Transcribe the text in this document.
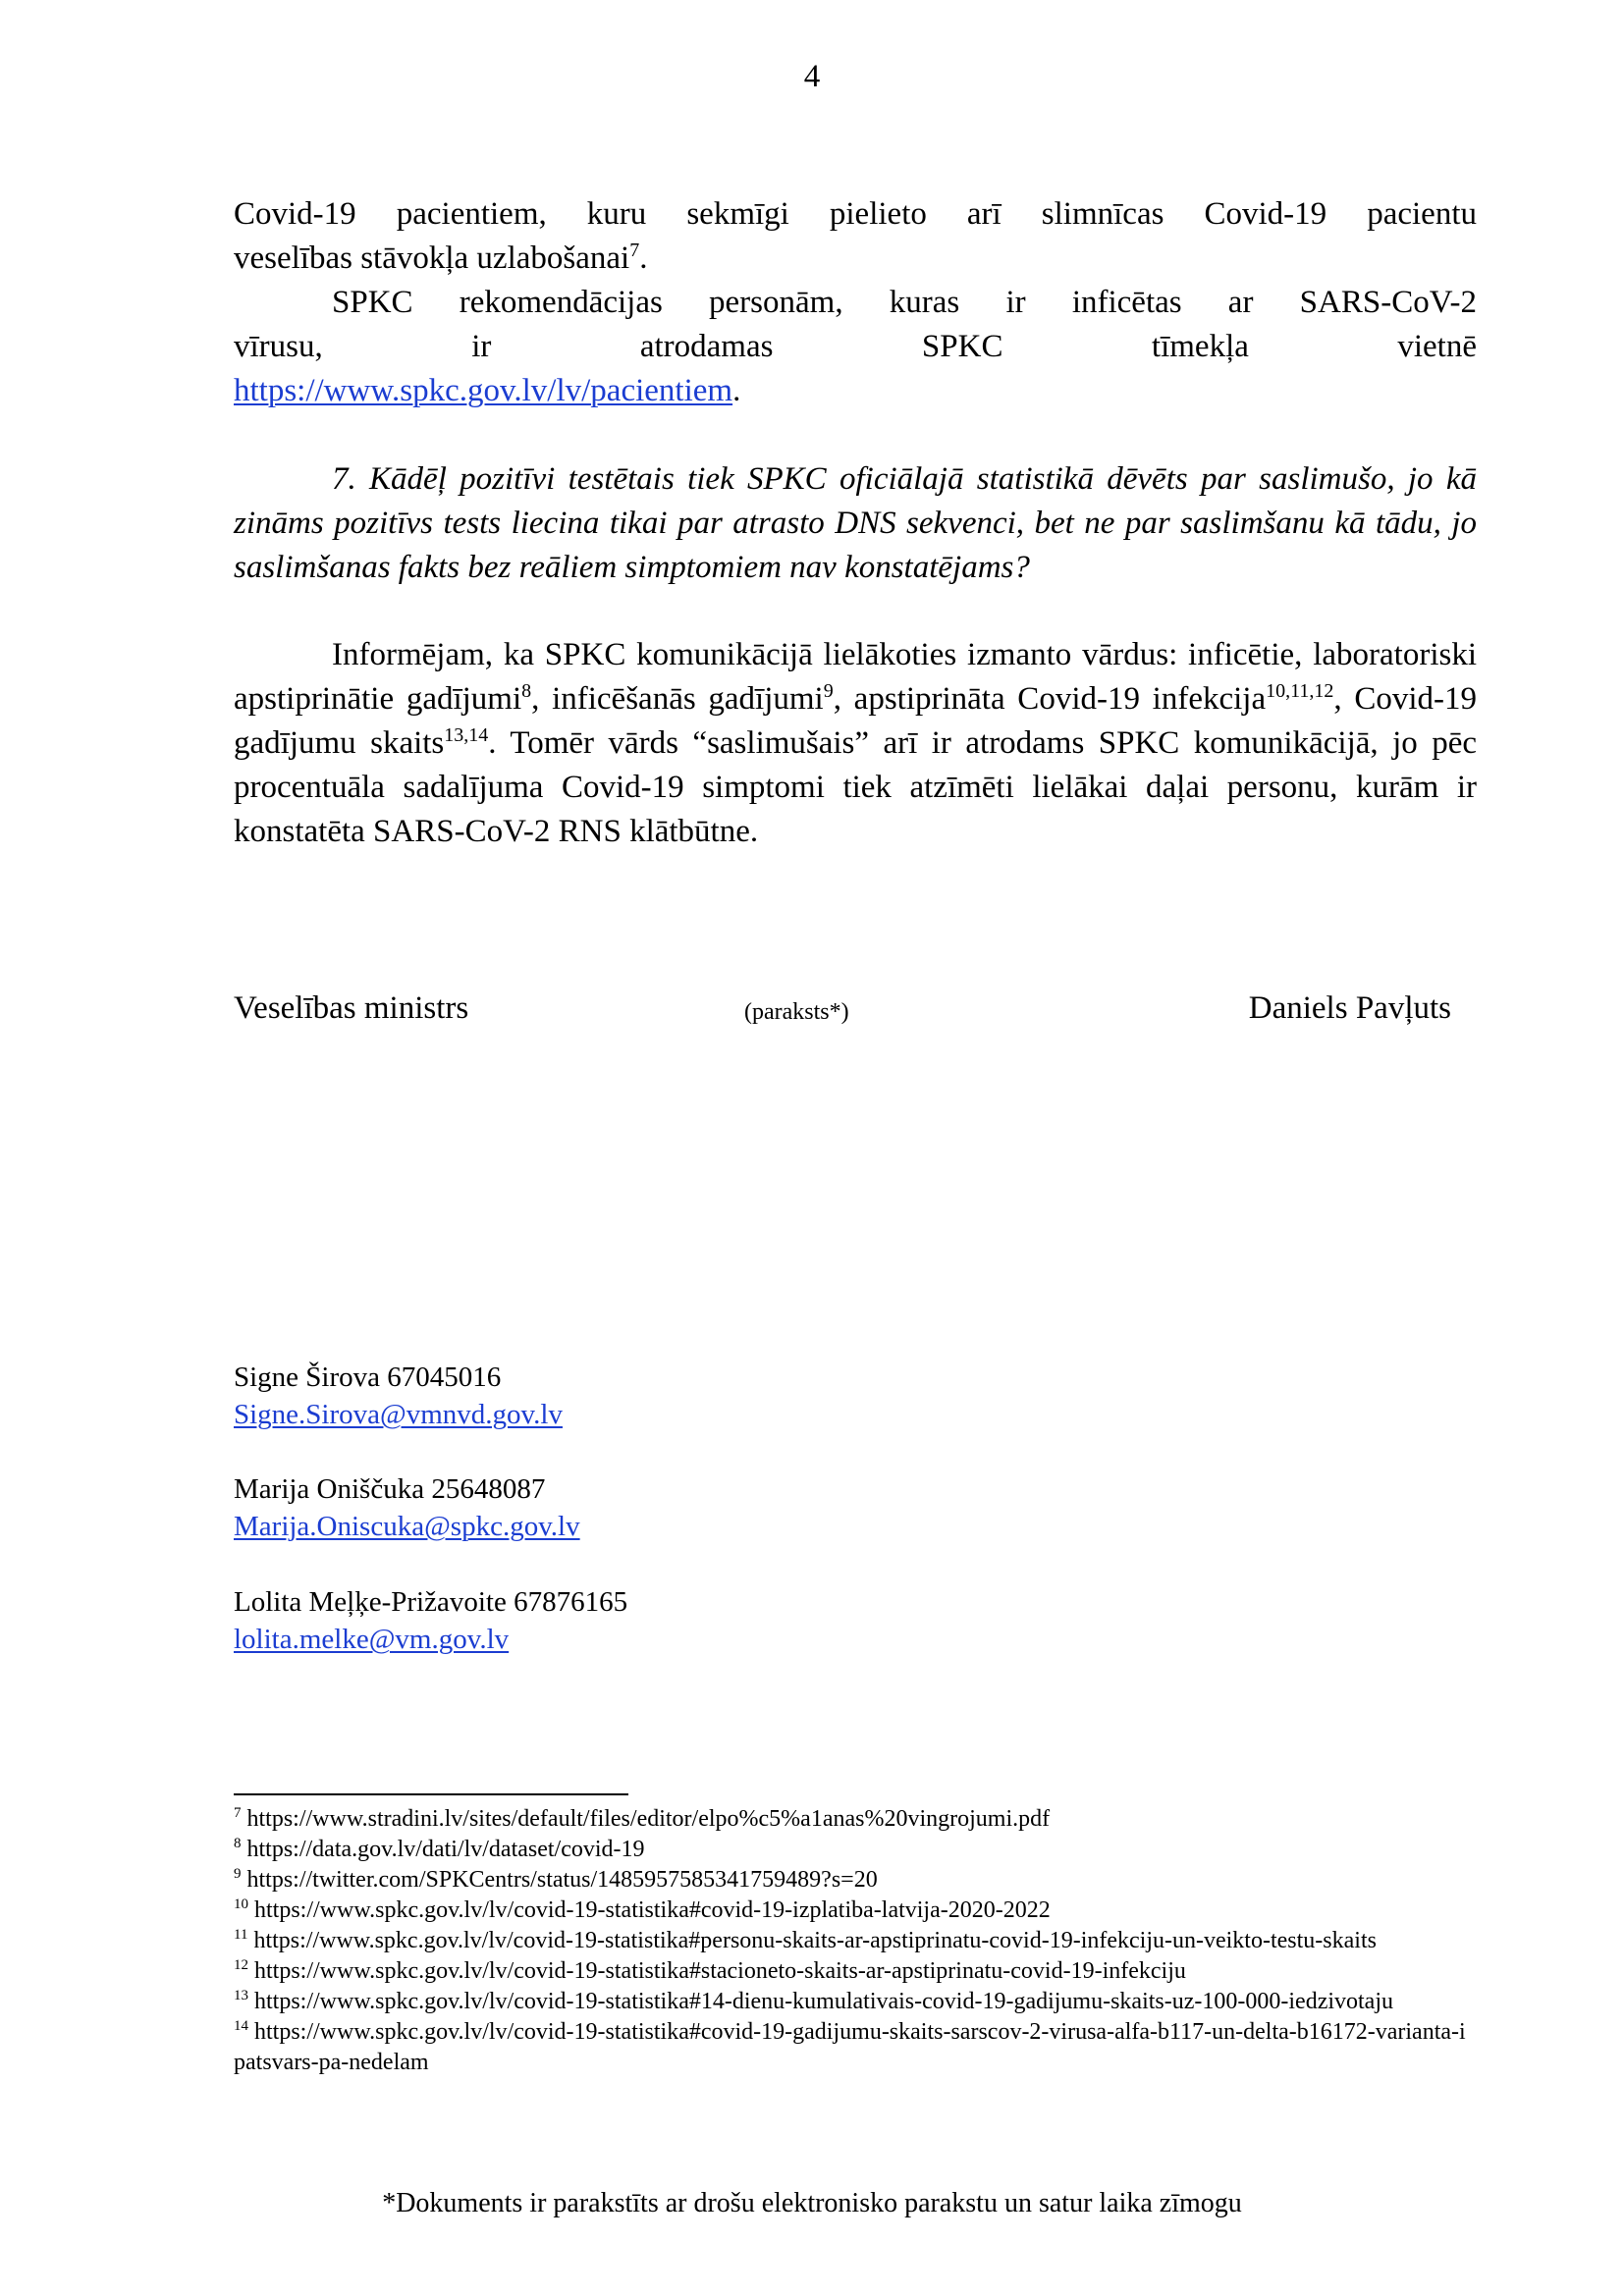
4

Covid-19 pacientiem, kuru sekmīgi pielieto arī slimnīcas Covid-19 pacientu

veselības stāvokļa uzlabošanai$^7$.

SPKC rekomendācijas personām, kuras ir inficētas ar SARS-CoV-2

vīrusu, ir atrodamas SPKC tīmekļa vietnē

https://www.spkc.gov.lv/lv/pacientiem.

7. Kādēļ pozitīvi testētais tiek SPKC oficiālajā statistikā dēvēts par saslimušo, jo kā zināms pozitīvs tests liecina tikai par atrasto DNS sekvenci, bet ne par saslimšanu kā tādu, jo saslimšanas fakts bez reāliem simptomiem nav konstatējams?

Informējam, ka SPKC komunikācijā lielākoties izmanto vārdus: inficētie, laboratoriski apstiprinātie gadījumi$^8$, inficēšanās gadījumi$^9$, apstiprināta Covid-19 infekcija$^{10,11,12}$, Covid-19 gadījumu skaits$^{13,14}$. Tomēr vārds “saslimušais” arī ir atrodams SPKC komunikācijā, jo pēc procentuāla sadalījuma Covid-19 simptomi tiek atzīmēti lielākai daļai personu, kurām ir konstatēta SARS-CoV-2 RNS klātbūtne.

Veselības ministrs	(paraksts*)	Daniels Pavļuts
Signe Širova 67045016
Signe.Sirova@vmnvd.gov.lv
Marija Oniščuka 25648087
Marija.Oniscuka@spkc.gov.lv
Lolita Meļķe-Prižavoite 67876165
lolita.melke@vm.gov.lv

$^7$ https://www.stradini.lv/sites/default/files/editor/elpo%c5%a1anas%20vingrojumi.pdf

$^8$ https://data.gov.lv/dati/lv/dataset/covid-19

$^9$ https://twitter.com/SPKCentrs/status/1485957585341759489?s=20

$^{10}$ https://www.spkc.gov.lv/lv/covid-19-statistika#covid-19-izplatiba-latvija-2020-2022

$^{11}$ https://www.spkc.gov.lv/lv/covid-19-statistika#personu-skaits-ar-apstiprinatu-covid-19-infekciju-un-veikto-testu-skaits

$^{12}$ https://www.spkc.gov.lv/lv/covid-19-statistika#stacioneto-skaits-ar-apstiprinatu-covid-19-infekciju

$^{13}$ https://www.spkc.gov.lv/lv/covid-19-statistika#14-dienu-kumulativais-covid-19-gadijumu-skaits-uz-100-000-iedzivotaju

$^{14}$ https://www.spkc.gov.lv/lv/covid-19-statistika#covid-19-gadijumu-skaits-sarscov-2-virusa-alfa-b117-un-delta-b16172-varianta-ipatsvars-pa-nedelam

*Dokuments ir parakstīts ar drošu elektronisko parakstu un satur laika zīmogu
